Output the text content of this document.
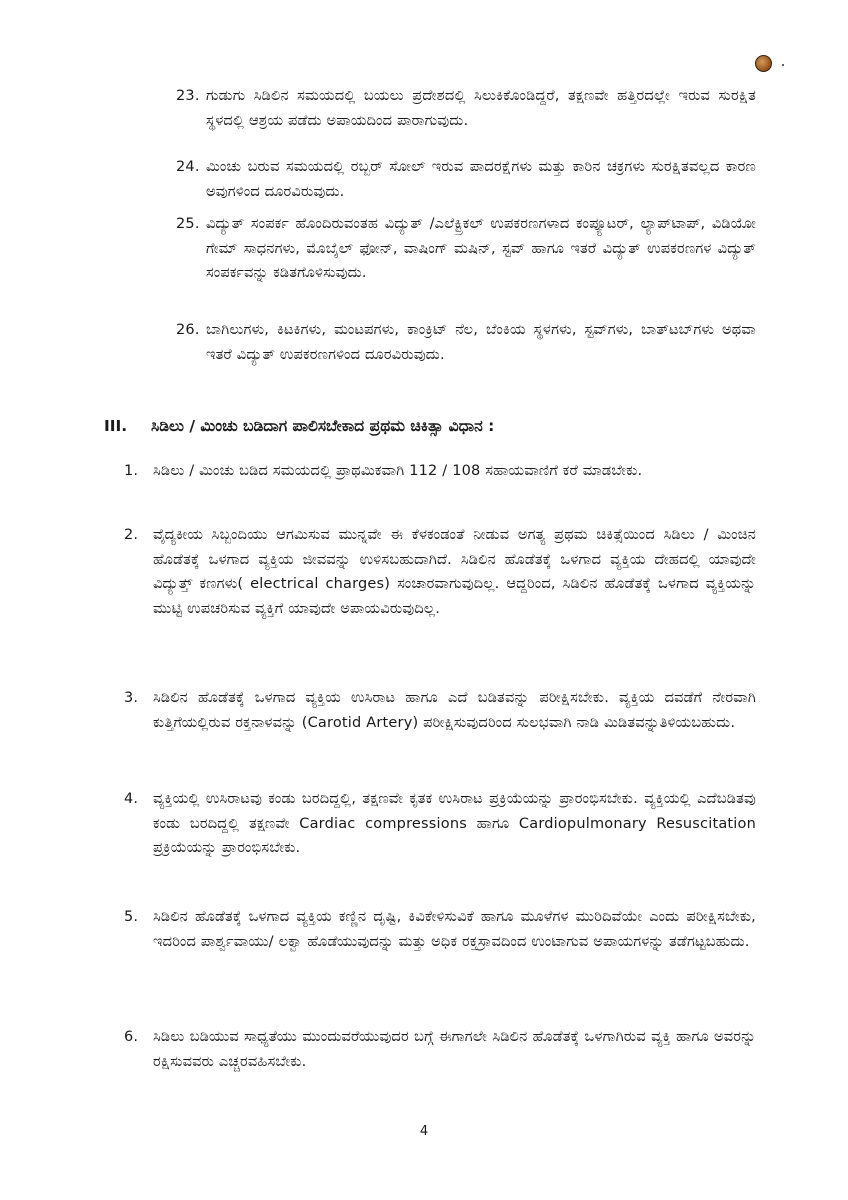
23. ಗುಡುಗು ಸಿಡಿಲಿನ ಸಮಯದಲ್ಲಿ ಬಯಲು ಪ್ರದೇಶದಲ್ಲಿ ಸಿಲುಕಿಕೊಂಡಿದ್ದರೆ, ತಕ್ಷಣವೇ ಹತ್ತಿರದಲ್ಲೇ ಇರುವ ಸುರಕ್ಷಿತ ಸ್ಥಳದಲ್ಲಿ ಆಶ್ರಯ ಪಡೆದು ಅಪಾಯದಿಂದ ಪಾರಾಗುವುದು.
24. ಮಿಂಚು ಬರುವ ಸಮಯದಲ್ಲಿ ರಬ್ಬರ್ ಸೋಲ್ ಇರುವ ಪಾದರಕ್ಷೆಗಳು ಮತ್ತು ಕಾರಿನ ಚಕ್ರಗಳು ಸುರಕ್ಷಿತವಲ್ಲದ ಕಾರಣ ಅವುಗಳಿಂದ ದೂರವಿರುವುದು.
25. ವಿದ್ಯುತ್ ಸಂಪರ್ಕ ಹೊಂದಿರುವಂತಹ ವಿದ್ಯುತ್ /ಎಲೆಕ್ಟ್ರಿಕಲ್ ಉಪಕರಣಗಳಾದ ಕಂಪ್ಯೂಟರ್, ಲ್ಯಾಪ್‌ಟಾಪ್, ವಿಡಿಯೋ ಗೇಮ್ ಸಾಧನಗಳು, ಮೊಬೈಲ್ ಫೋನ್, ವಾಷಿಂಗ್ ಮಷಿನ್, ಸ್ಟವ್ ಹಾಗೂ ಇತರೆ ವಿದ್ಯುತ್ ಉಪಕರಣಗಳ ವಿದ್ಯುತ್ ಸಂಪರ್ಕವನ್ನು ಕಡಿತಗೊಳಿಸುವುದು.
26. ಬಾಗಿಲುಗಳು, ಕಿಟಕಿಗಳು, ಮಂಟಪಗಳು, ಕಾಂಕ್ರಿಟ್ ನೆಲ, ಬೆಂಕಿಯ ಸ್ಥಳಗಳು, ಸ್ಟವ್‌ಗಳು, ಬಾತ್‌ಟಬ್‌ಗಳು ಅಥವಾ ಇತರೆ ವಿದ್ಯುತ್ ಉಪಕರಣಗಳಿಂದ ದೂರವಿರುವುದು.
III.	ಸಿಡಿಲು / ಮಿಂಚು ಬಡಿದಾಗ ಪಾಲಿಸಬೇಕಾದ ಪ್ರಥಮ ಚಿಕಿತ್ಸಾ ವಿಧಾನ :
1.	ಸಿಡಿಲು / ಮಿಂಚು ಬಡಿದ ಸಮಯದಲ್ಲಿ ಪ್ರಾಥಮಿಕವಾಗಿ 112 / 108 ಸಹಾಯವಾಣಿಗೆ ಕರೆ ಮಾಡಬೇಕು.
2.	ವೈದ್ಯಕೀಯ ಸಿಬ್ಬಂದಿಯು ಆಗಮಿಸುವ ಮುನ್ನವೇ ಈ ಕೆಳಕಂಡಂತೆ ನೀಡುವ ಅಗತ್ಯ ಪ್ರಥಮ ಚಿಕಿತ್ಸೆಯಿಂದ ಸಿಡಿಲು / ಮಿಂಚಿನ ಹೊಡೆತಕ್ಕೆ ಒಳಗಾದ ವ್ಯಕ್ತಿಯ ಜೀವವನ್ನು ಉಳಿಸಬಹುದಾಗಿದೆ. ಸಿಡಿಲಿನ ಹೊಡೆತಕ್ಕೆ ಒಳಗಾದ ವ್ಯಕ್ತಿಯ ದೇಹದಲ್ಲಿ ಯಾವುದೇ ವಿದ್ಯುತ್ತ್ ಕಣಗಳು( electrical charges) ಸಂಚಾರವಾಗುವುದಿಲ್ಲ. ಆದ್ದರಿಂದ, ಸಿಡಿಲಿನ ಹೊಡೆತಕ್ಕೆ ಒಳಗಾದ ವ್ಯಕ್ತಿಯನ್ನು ಮುಟ್ಟಿ ಉಪಚರಿಸುವ ವ್ಯಕ್ತಿಗೆ ಯಾವುದೇ ಅಪಾಯವಿರುವುದಿಲ್ಲ.
3.	ಸಿಡಿಲಿನ ಹೊಡೆತಕ್ಕೆ ಒಳಗಾದ ವ್ಯಕ್ತಿಯ ಉಸಿರಾಟ ಹಾಗೂ ಎದೆ ಬಡಿತವನ್ನು ಪರೀಕ್ಷಿಸಬೇಕು. ವ್ಯಕ್ತಿಯ ದವಡೆಗೆ ನೇರವಾಗಿ ಕುತ್ತಿಗೆಯಲ್ಲಿರುವ ರಕ್ತನಾಳವನ್ನು (Carotid Artery) ಪರೀಕ್ಷಿಸುವುದರಿಂದ ಸುಲಭವಾಗಿ ನಾಡಿ ಮಿಡಿತವನ್ನುತಿಳಿಯಬಹುದು.
4.	ವ್ಯಕ್ತಿಯಲ್ಲಿ ಉಸಿರಾಟವು ಕಂಡು ಬರದಿದ್ದಲ್ಲಿ, ತಕ್ಷಣವೇ ಕೃತಕ ಉಸಿರಾಟ ಪ್ರಕ್ರಿಯೆಯನ್ನು ಪ್ರಾರಂಭಿಸಬೇಕು. ವ್ಯಕ್ತಿಯಲ್ಲಿ ಎದೆಬಡಿತವು ಕಂಡು ಬರದಿದ್ದಲ್ಲಿ ತಕ್ಷಣವೇ Cardiac compressions ಹಾಗೂ Cardiopulmonary Resuscitation ಪ್ರಕ್ರಿಯೆಯನ್ನು ಪ್ರಾರಂಭಿಸಬೇಕು.
5.	ಸಿಡಿಲಿನ ಹೊಡೆತಕ್ಕೆ ಒಳಗಾದ ವ್ಯಕ್ತಿಯ ಕಣ್ಣಿನ ದೃಷ್ಟಿ, ಕಿವಿಕೇಳಿಸುವಿಕೆ ಹಾಗೂ ಮೂಳೆಗಳ ಮುರಿದಿವೆಯೇ ಎಂದು ಪರೀಕ್ಷಿಸಬೇಕು, ಇದರಿಂದ ಪಾರ್ಶ್ವವಾಯು/ ಲಕ್ವಾ ಹೊಡೆಯುವುದನ್ನು ಮತ್ತು ಅಧಿಕ ರಕ್ತಸ್ರಾವದಿಂದ ಉಂಟಾಗುವ ಅಪಾಯಗಳನ್ನು ತಡೆಗಟ್ಟಬಹುದು.
6.	ಸಿಡಿಲು ಬಡಿಯುವ ಸಾಧ್ಯತೆಯು ಮುಂದುವರೆಯುವುದರ ಬಗ್ಗೆ ಈಗಾಗಲೇ ಸಿಡಿಲಿನ ಹೊಡೆತಕ್ಕೆ ಒಳಗಾಗಿರುವ ವ್ಯಕ್ತಿ ಹಾಗೂ ಅವರನ್ನು ರಕ್ಷಿಸುವವರು ಎಚ್ಚರವಹಿಸಬೇಕು.
4
